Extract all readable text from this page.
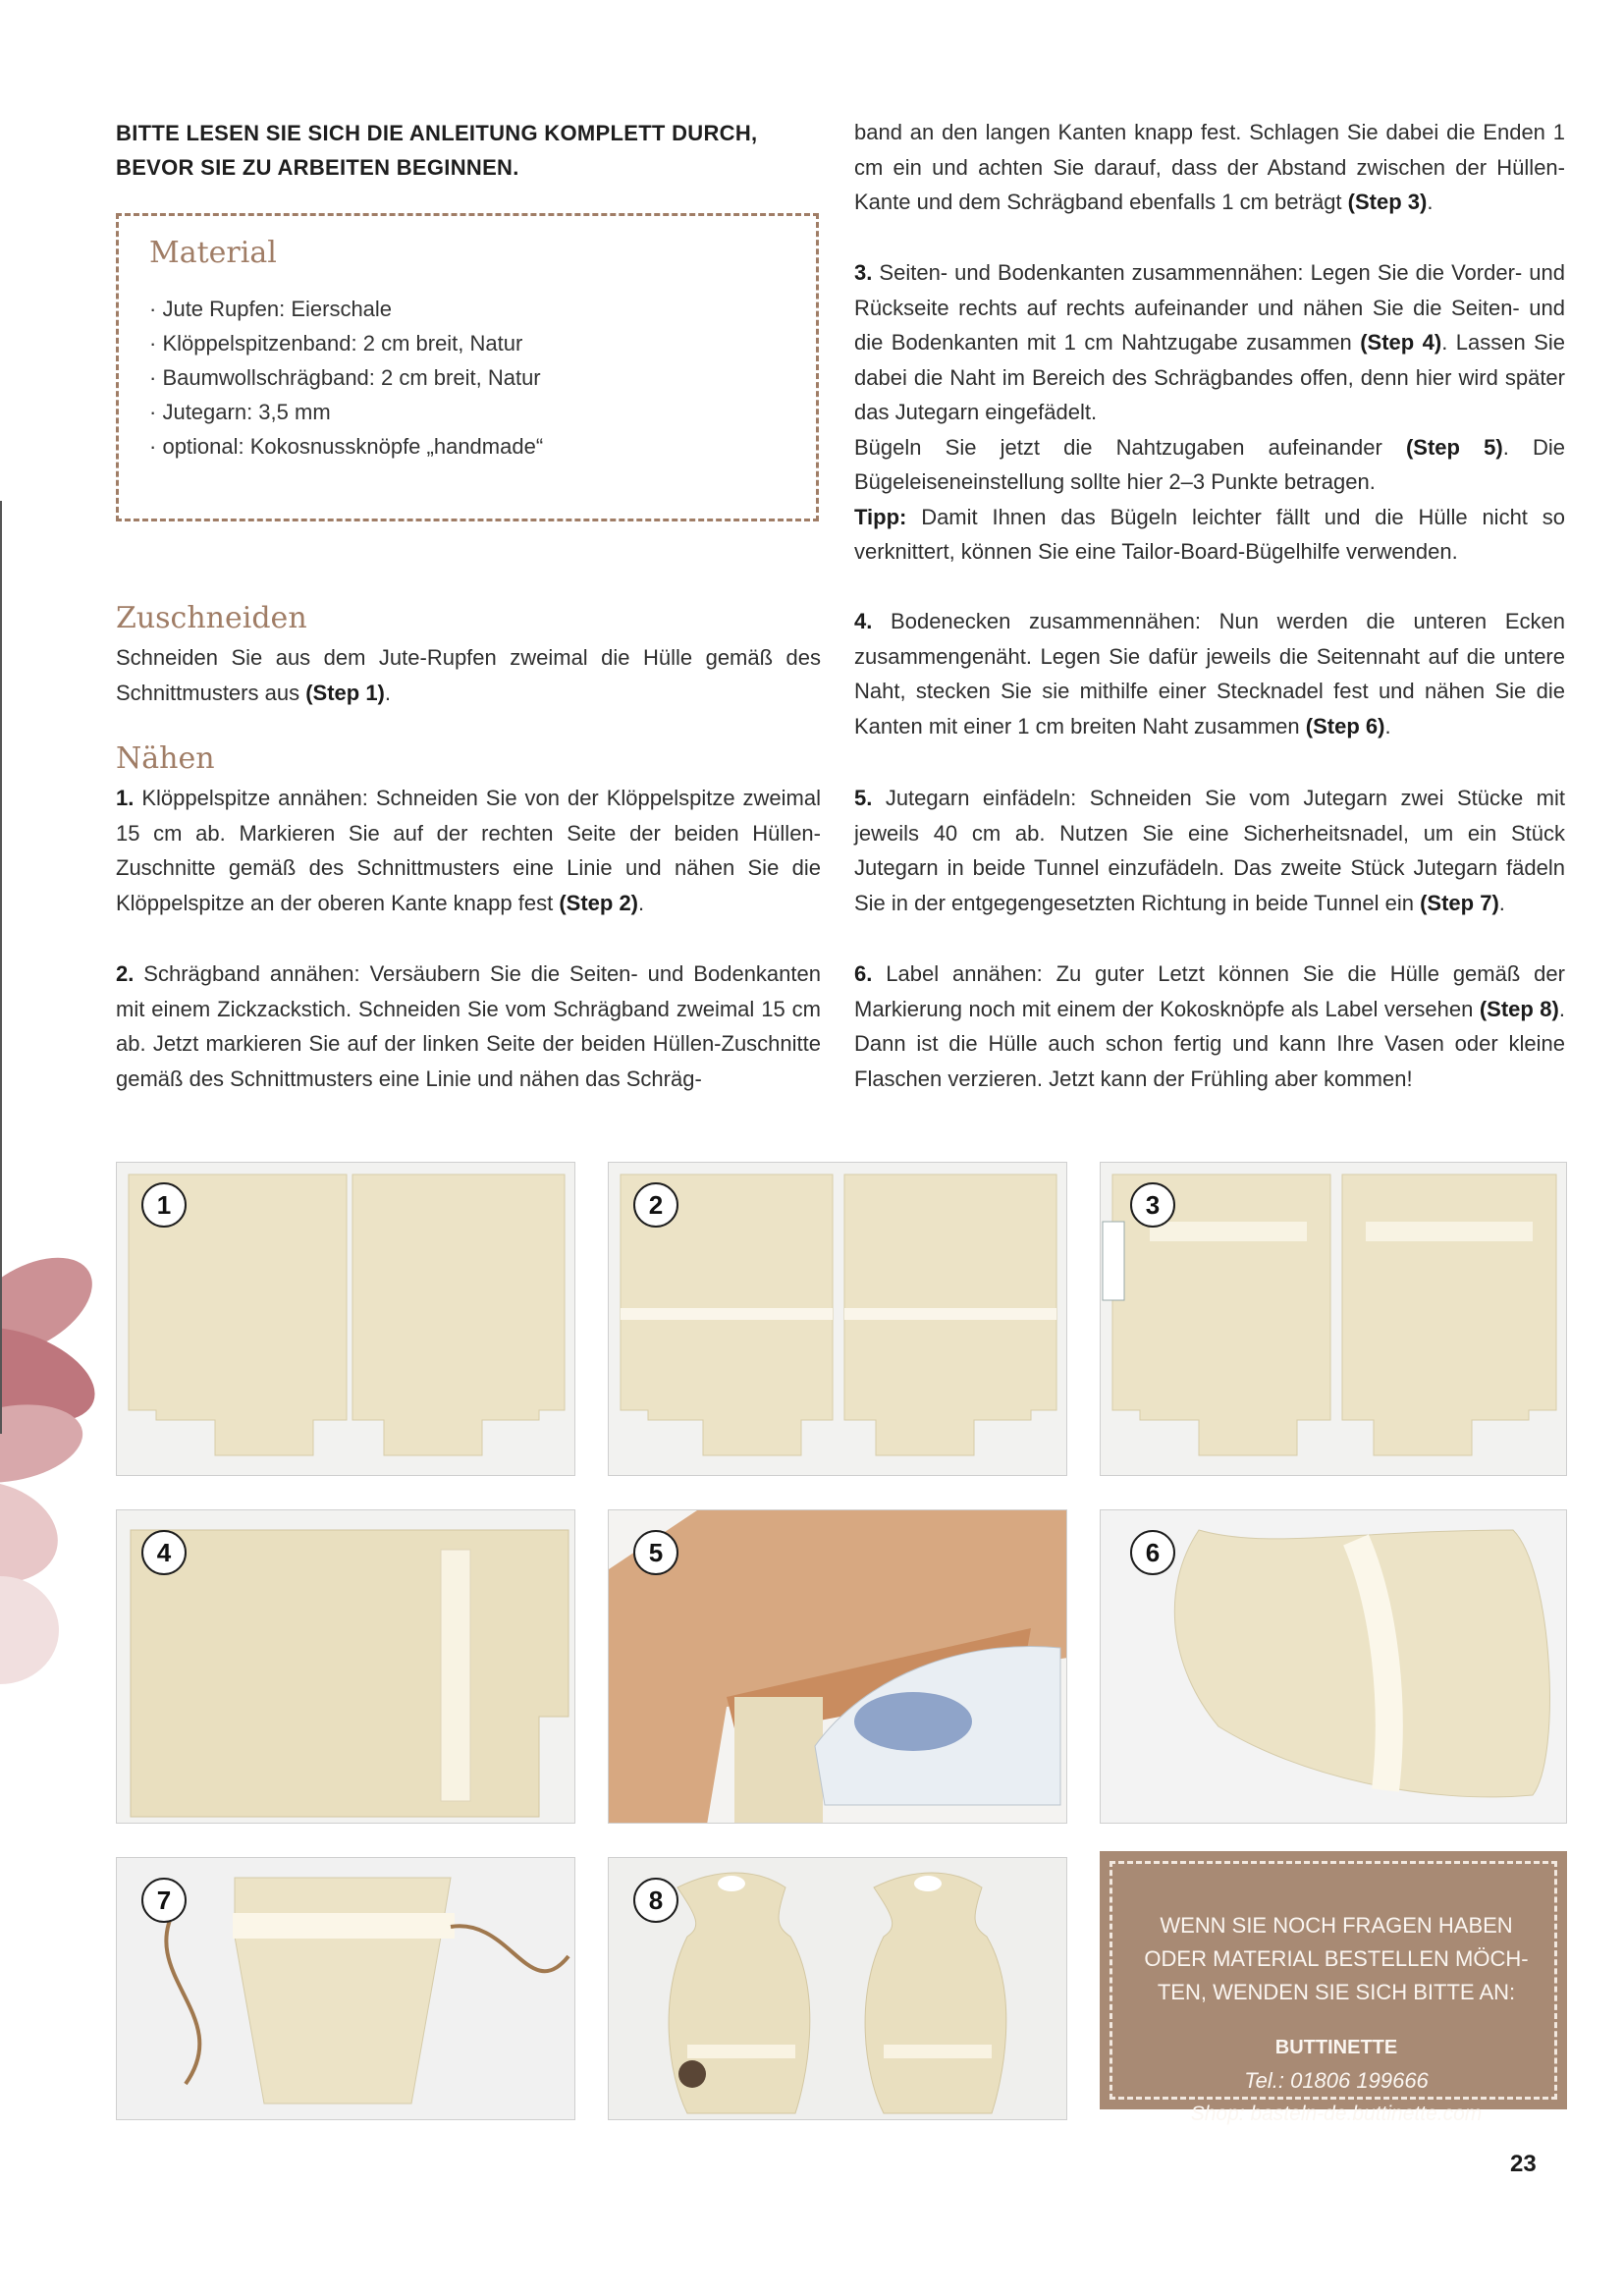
BITTE LESEN SIE SICH DIE ANLEITUNG KOMPLETT DURCH,
BEVOR SIE ZU ARBEITEN BEGINNEN.
Material
· Jute Rupfen: Eierschale
· Klöppelspitzenband: 2 cm breit, Natur
· Baumwollschrägband: 2 cm breit, Natur
· Jutegarn: 3,5 mm
· optional: Kokosnussknöpfe „handmade“
Zuschneiden
Schneiden Sie aus dem Jute-Rupfen zweimal die Hülle gemäß des Schnittmusters aus (Step 1).
Nähen
1. Klöppelspitze annähen: Schneiden Sie von der Klöppelspitze zweimal 15 cm ab. Markieren Sie auf der rechten Seite der beiden Hüllen-Zuschnitte gemäß des Schnittmusters eine Linie und nähen Sie die Klöppelspitze an der oberen Kante knapp fest (Step 2).
2. Schrägband annähen: Versäubern Sie die Seiten- und Bodenkanten mit einem Zickzackstich. Schneiden Sie vom Schrägband zweimal 15 cm ab. Jetzt markieren Sie auf der linken Seite der beiden Hüllen-Zuschnitte gemäß des Schnittmusters eine Linie und nähen das Schräg-
band an den langen Kanten knapp fest. Schlagen Sie dabei die Enden 1 cm ein und achten Sie darauf, dass der Abstand zwischen der Hüllen-Kante und dem Schrägband ebenfalls 1 cm beträgt (Step 3).
3. Seiten- und Bodenkanten zusammennähen: Legen Sie die Vorder- und Rückseite rechts auf rechts aufeinander und nähen Sie die Seiten- und die Bodenkanten mit 1 cm Nahtzugabe zusammen (Step 4). Lassen Sie dabei die Naht im Bereich des Schrägbandes offen, denn hier wird später das Jutegarn eingefädelt.
Bügeln Sie jetzt die Nahtzugaben aufeinander (Step 5). Die Bügeleiseneinstellung sollte hier 2–3 Punkte betragen.
Tipp: Damit Ihnen das Bügeln leichter fällt und die Hülle nicht so verknittert, können Sie eine Tailor-Board-Bügelhilfe verwenden.
4. Bodenecken zusammennähen: Nun werden die unteren Ecken zusammengenäht. Legen Sie dafür jeweils die Seitennaht auf die untere Naht, stecken Sie sie mithilfe einer Stecknadel fest und nähen Sie die Kanten mit einer 1 cm breiten Naht zusammen (Step 6).
5. Jutegarn einfädeln: Schneiden Sie vom Jutegarn zwei Stücke mit jeweils 40 cm ab. Nutzen Sie eine Sicherheitsnadel, um ein Stück Jutegarn in beide Tunnel einzufädeln. Das zweite Stück Jutegarn fädeln Sie in der entgegengesetzten Richtung in beide Tunnel ein (Step 7).
6. Label annähen: Zu guter Letzt können Sie die Hülle gemäß der Markierung noch mit einem der Kokosknöpfe als Label versehen (Step 8). Dann ist die Hülle auch schon fertig und kann Ihre Vasen oder kleine Flaschen verzieren. Jetzt kann der Frühling aber kommen!
1	2	3
4	5	6
7	8
WENN SIE NOCH FRAGEN HABEN
ODER MATERIAL BESTELLEN MÖCH-
TEN, WENDEN SIE SICH BITTE AN:
BUTTINETTE
Tel.: 01806 199666
Shop: basteln-de.buttinette.com
23
